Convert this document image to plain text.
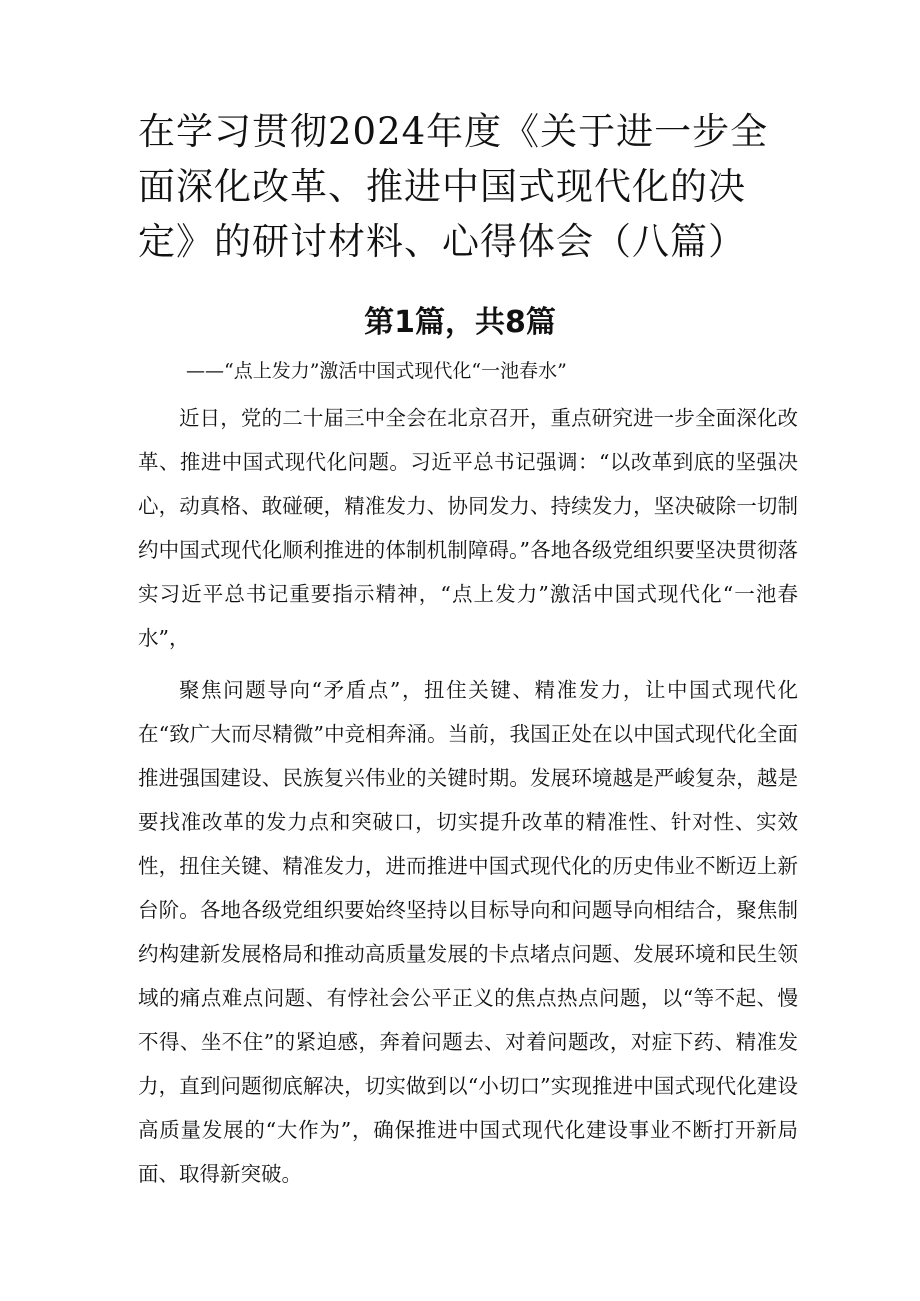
在学习贯彻2024年度《关于进一步全面深化改革、推进中国式现代化的决定》的研讨材料、心得体会（八篇）
第1篇，共8篇

——“点上发力”激活中国式现代化“一池春水”

近日，党的二十届三中全会在北京召开，重点研究进一步全面深化改革、推进中国式现代化问题。习近平总书记强调：“以改革到底的坚强决心，动真格、敢碰硬，精准发力、协同发力、持续发力，坚决破除一切制约中国式现代化顺利推进的体制机制障碍。”各地各级党组织要坚决贯彻落实习近平总书记重要指示精神，“点上发力”激活中国式现代化“一池春水”，

聚焦问题导向“矛盾点”，扭住关键、精准发力，让中国式现代化在“致广大而尽精微”中竞相奔涌。当前，我国正处在以中国式现代化全面推进强国建设、民族复兴伟业的关键时期。发展环境越是严峻复杂，越是要找准改革的发力点和突破口，切实提升改革的精准性、针对性、实效性，扭住关键、精准发力，进而推进中国式现代化的历史伟业不断迈上新台阶。各地各级党组织要始终坚持以目标导向和问题导向相结合，聚焦制约构建新发展格局和推动高质量发展的卡点堵点问题、发展环境和民生领域的痛点难点问题、有悖社会公平正义的焦点热点问题，以“等不起、慢不得、坐不住”的紧迫感，奔着问题去、对着问题改，对症下药、精准发力，直到问题彻底解决，切实做到以“小切口”实现推进中国式现代化建设高质量发展的“大作为”，确保推进中国式现代化建设事业不断打开新局面、取得新突破。
